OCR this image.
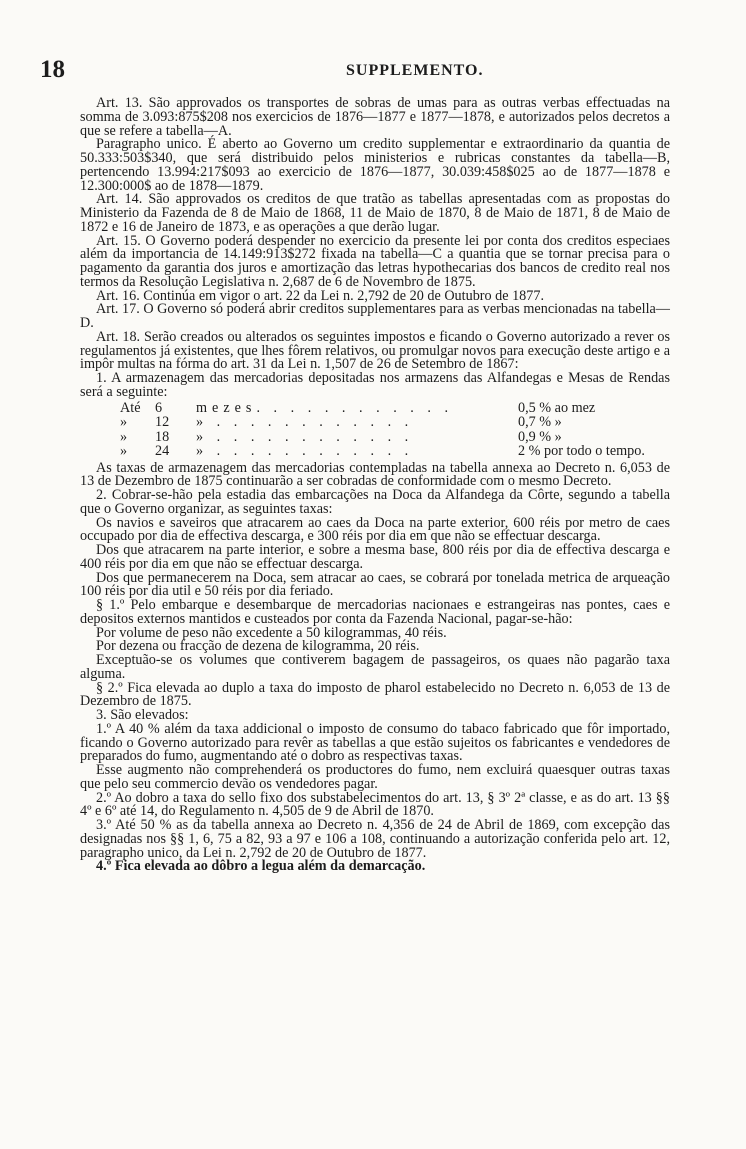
18	SUPPLEMENTO.

Art. 13. São approvados os transportes de sobras de umas para as outras verbas effectuadas na somma de 3.093:875$208 nos exercicios de 1876—1877 e 1877—1878, e autorizados pelos decretos a que se refere a tabella—A.

Paragrapho unico. É aberto ao Governo um credito supplementar e extraordinario da quantia de 50.333:503$340, que será distribuido pelos ministerios e rubricas constantes da tabella—B, pertencendo 13.994:217$093 ao exercicio de 1876—1877, 30.039:458$025 ao de 1877—1878 e 12.300:000$ ao de 1878—1879.

Art. 14. São approvados os creditos de que tratão as tabellas apresentadas com as propostas do Ministerio da Fazenda de 8 de Maio de 1868, 11 de Maio de 1870, 8 de Maio de 1871, 8 de Maio de 1872 e 16 de Janeiro de 1873, e as operações a que derão lugar.

Art. 15. O Governo poderá despender no exercicio da presente lei por conta dos creditos especiaes além da importancia de 14.149:913$272 fixada na tabella—C a quantia que se tornar precisa para o pagamento da garantia dos juros e amortização das letras hypothecarias dos bancos de credito real nos termos da Resolução Legislativa n. 2,687 de 6 de Novembro de 1875.

Art. 16. Continúa em vigor o art. 22 da Lei n. 2,792 de 20 de Outubro de 1877.

Art. 17. O Governo só poderá abrir creditos supplementares para as verbas mencionadas na tabella—D.

Art. 18. Serão creados ou alterados os seguintes impostos e ficando o Governo autorizado a rever os regulamentos já existentes, que lhes fôrem relativos, ou promulgar novos para execução deste artigo e a impôr multas na fórma do art. 31 da Lei n. 1,507 de 26 de Setembro de 1867:

1. A armazenagem das mercadorias depositadas nos armazens das Alfandegas e Mesas de Rendas será a seguinte:

Até 6 mezes. . . . . . . . . . . .	0,5 % ao mez
» 12 » . . . . . . . . . . . .	0,7 % »
» 18 » . . . . . . . . . . . .	0,9 % »
» 24 » . . . . . . . . . . . .	2 % por todo o tempo.

As taxas de armazenagem das mercadorias contempladas na tabella annexa ao Decreto n. 6,053 de 13 de Dezembro de 1875 continuarão a ser cobradas de conformidade com o mesmo Decreto.

2. Cobrar-se-hão pela estadia das embarcações na Doca da Alfandega da Côrte, segundo a tabella que o Governo organizar, as seguintes taxas:

Os navios e saveiros que atracarem ao caes da Doca na parte exterior, 600 réis por metro de caes occupado por dia de effectiva descarga, e 300 réis por dia em que não se effectuar descarga.

Dos que atracarem na parte interior, e sobre a mesma base, 800 réis por dia de effectiva descarga e 400 réis por dia em que não se effectuar descarga.

Dos que permanecerem na Doca, sem atracar ao caes, se cobrará por tonelada metrica de arqueação 100 réis por dia util e 50 réis por dia feriado.

§ 1.º Pelo embarque e desembarque de mercadorias nacionaes e estrangeiras nas pontes, caes e depositos externos mantidos e custeados por conta da Fazenda Nacional, pagar-se-hão:

Por volume de peso não excedente a 50 kilogrammas, 40 réis.

Por dezena ou fracção de dezena de kilogramma, 20 réis.

Exceptuão-se os volumes que contiverem bagagem de passageiros, os quaes não pagarão taxa alguma.

§ 2.º Fica elevada ao duplo a taxa do imposto de pharol estabelecido no Decreto n. 6,053 de 13 de Dezembro de 1875.

3. São elevados:

1.º A 40 % além da taxa addicional o imposto de consumo do tabaco fabricado que fôr importado, ficando o Governo autorizado para revêr as tabellas a que estão sujeitos os fabricantes e vendedores de preparados do fumo, augmentando até o dobro as respectivas taxas.

Esse augmento não comprehenderá os productores do fumo, nem excluirá quaesquer outras taxas que pelo seu commercio devão os vendedores pagar.

2.º Ao dobro a taxa do sello fixo dos substabelecimentos do art. 13, § 3º 2ª classe, e as do art. 13 §§ 4º e 6º até 14, do Regulamento n. 4,505 de 9 de Abril de 1870.

3.º Até 50 % as da tabella annexa ao Decreto n. 4,356 de 24 de Abril de 1869, com excepção das designadas nos §§ 1, 6, 75 a 82, 93 a 97 e 106 a 108, continuando a autorização conferida pelo art. 12, paragrapho unico, da Lei n. 2,792 de 20 de Outubro de 1877.

4.º Fica elevada ao dôbro a legua além da demarcação.
